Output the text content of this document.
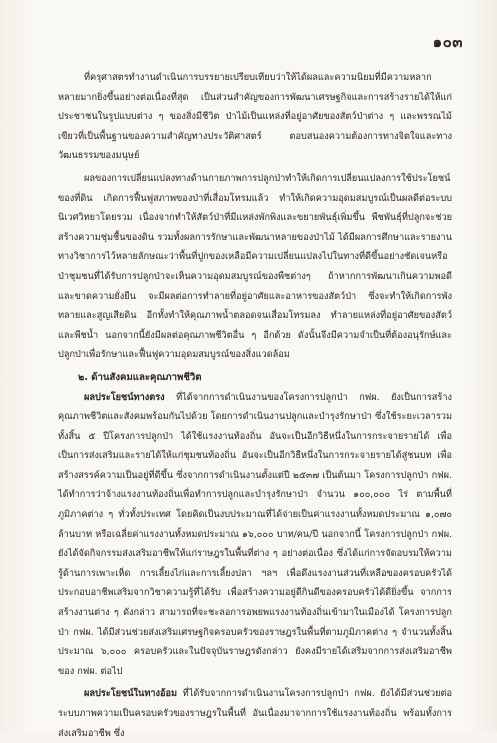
๑๐๓

ที่ครุศาสตรทำงานดำเนินการบรรยายเปรียบเทียบว่าให้ได้ผลและความนิยมที่มีความหลากหลายมากยิ่งขึ้นอย่างต่อเนื่องที่สุด เป็นส่วนสำคัญของการพัฒนาเศรษฐกิจและการสร้างรายได้ให้แก่ประชาชนในรูปแบบต่าง ๆ ของสิ่งมีชีวิต ป่าไม้เป็นแหล่งที่อยู่อาศัยของสัตว์ป่าต่าง ๆ และพรรณไม้เขียวที่เป็นพื้นฐานของความสำคัญทางประวัติศาสตร์ ตอบสนองความต้องการทางจิตใจและทางวัฒนธรรมของมนุษย์

ผลของการเปลี่ยนแปลงทางด้านกายภาพการปลูกป่าทำให้เกิดการเปลี่ยนแปลงการใช้ประโยชน์ของที่ดิน เกิดการฟื้นฟูสภาพของป่าที่เสื่อมโทรมแล้ว ทำให้เกิดความอุดมสมบูรณ์เป็นผลดีต่อระบบนิเวศวิทยาโดยรวม เนื่องจากทำให้สัตว์ป่าที่มีแหล่งพักพิงและขยายพันธุ์เพิ่มขึ้น พืชพันธุ์ที่ปลูกจะช่วยสร้างความชุ่มชื้นของดิน รวมทั้งผลการรักษาและพัฒนาหลายของป่าไม้ ได้มีผลการศึกษาและรายงานทางวิชาการไว้หลายลักษณะว่าพื้นที่ปูกของเหลือมีความเปลี่ยนแปลงไปในทางที่ดีขึ้นอย่างชัดเจนหรือป่าชุมชนที่ได้รับการปลูกป่าจะเห็นความอุดมสมบูรณ์ของพืชต่างๆ ถ้าหากการพัฒนาเกินความพอดีและขาดความยั่งยืน จะมีผลต่อการทำลายที่อยู่อาศัยและอาหารของสัตว์ป่า ซึ่งจะทำให้เกิดการพังทลายและสูญเสียดิน อีกทั้งทำให้คุณภาพน้ำตลอดจนเสื่อมโทรมลง ทำลายแหล่งที่อยู่อาศัยของสัตว์และพืชน้ำ นอกจากนี้ยังมีผลต่อคุณภาพชีวิตอื่น ๆ อีกด้วย ดังนั้นจึงมีความจำเป็นที่ต้องอนุรักษ์และปลูกป่าเพื่อรักษาและฟื้นฟูความอุดมสมบูรณ์ของสิ่งแวดล้อม

๒. ด้านสังคมและคุณภาพชีวิต

ผลประโยชน์ทางตรง ที่ได้จากการดำเนินงานของโครงการปลูกป่า กฟผ. ยังเป็นการสร้างคุณภาพชีวิตและสังคมพร้อมกันไปด้วย โดยการดำเนินงานปลูกและบำรุงรักษาป่า ซึ่งใช้ระยะเวลารวมทั้งสิ้น ๕ ปีโครงการปลูกป่า ได้ใช้แรงงานท้องถิ่น อันจะเป็นอีกวิธีหนึ่งในการกระจายรายได้ เพื่อเป็นการส่งเสริมและรายได้ให้แก่ชุมชนท้องถิ่น อันจะเป็นอีกวิธีหนึ่งในการกระจายรายได้สู่ชนบท เพื่อสร้างสรรค์ความเป็นอยู่ที่ดีขึ้น ซึ่งจากการดำเนินงานตั้งแต่ปี ๒๕๓๗ เป็นต้นมา โครงการปลูกป่า กฟผ. ได้ทำการว่าจ้างแรงงานท้องถิ่นเพื่อทำการปลูกและบำรุงรักษาป่า จำนวน ๑๐๐,๐๐๐ ไร่ ตามพื้นที่ภูมิภาคต่าง ๆ ทั่วทั้งประเทศ โดยคิดเป็นงบประมาณที่ได้จ่ายเป็นค่าแรงงานทั้งหมดประมาณ ๑,๐๗๐ ล้านบาท หรือเฉลี่ยค่าแรงงานทั้งหมดประมาณ ๑๖,๐๐๐ บาท/คน/ปี นอกจากนี้ โครงการปลูกป่า กฟผ. ยังได้จัดกิจกรรมส่งเสริมอาชีพให้แก่ราษฎรในพื้นที่ต่าง ๆ อย่างต่อเนื่อง ซึ่งได้แก่การจัดอบรมให้ความรู้ด้านการเพาะเห็ด การเลี้ยงไก่และการเลี้ยงปลา ฯลฯ เพื่อดึงแรงงานส่วนที่เหลือของครอบครัวได้ประกอบอาชีพเสริมจากวิชาความรู้ที่ได้รับ เพื่อสร้างความอยู่ดีกินดีของครอบครัวได้ดียิ่งขึ้น จากการสร้างงานต่าง ๆ ดังกล่าว สามารถที่จะชะลอการอพยพแรงงานท้องถิ่นเข้ามาในเมืองได้ โครงการปลูกป่า กฟผ. ได้มีส่วนช่วยส่งเสริมเศรษฐกิจครอบครัวของราษฎรในพื้นที่ตามภูมิภาคต่าง ๆ จำนวนทั้งสิ้นประมาณ ๖,๐๐๐ ครอบครัวและในปัจจุบันราษฎรดังกล่าว ยังคงมีรายได้เสริมจากการส่งเสริมอาชีพของ กฟผ. ต่อไป

ผลประโยชน์ในทางอ้อม ที่ได้รับจากการดำเนินงานโครงการปลูกป่า กฟผ. ยังได้มีส่วนช่วยต่อระบบภาพความเป็นครอบครัวของราษฎรในพื้นที่ อันเนื่องมาจากการใช้แรงงานท้องถิ่น พร้อมทั้งการส่งเสริมอาชีพ ซึ่ง
